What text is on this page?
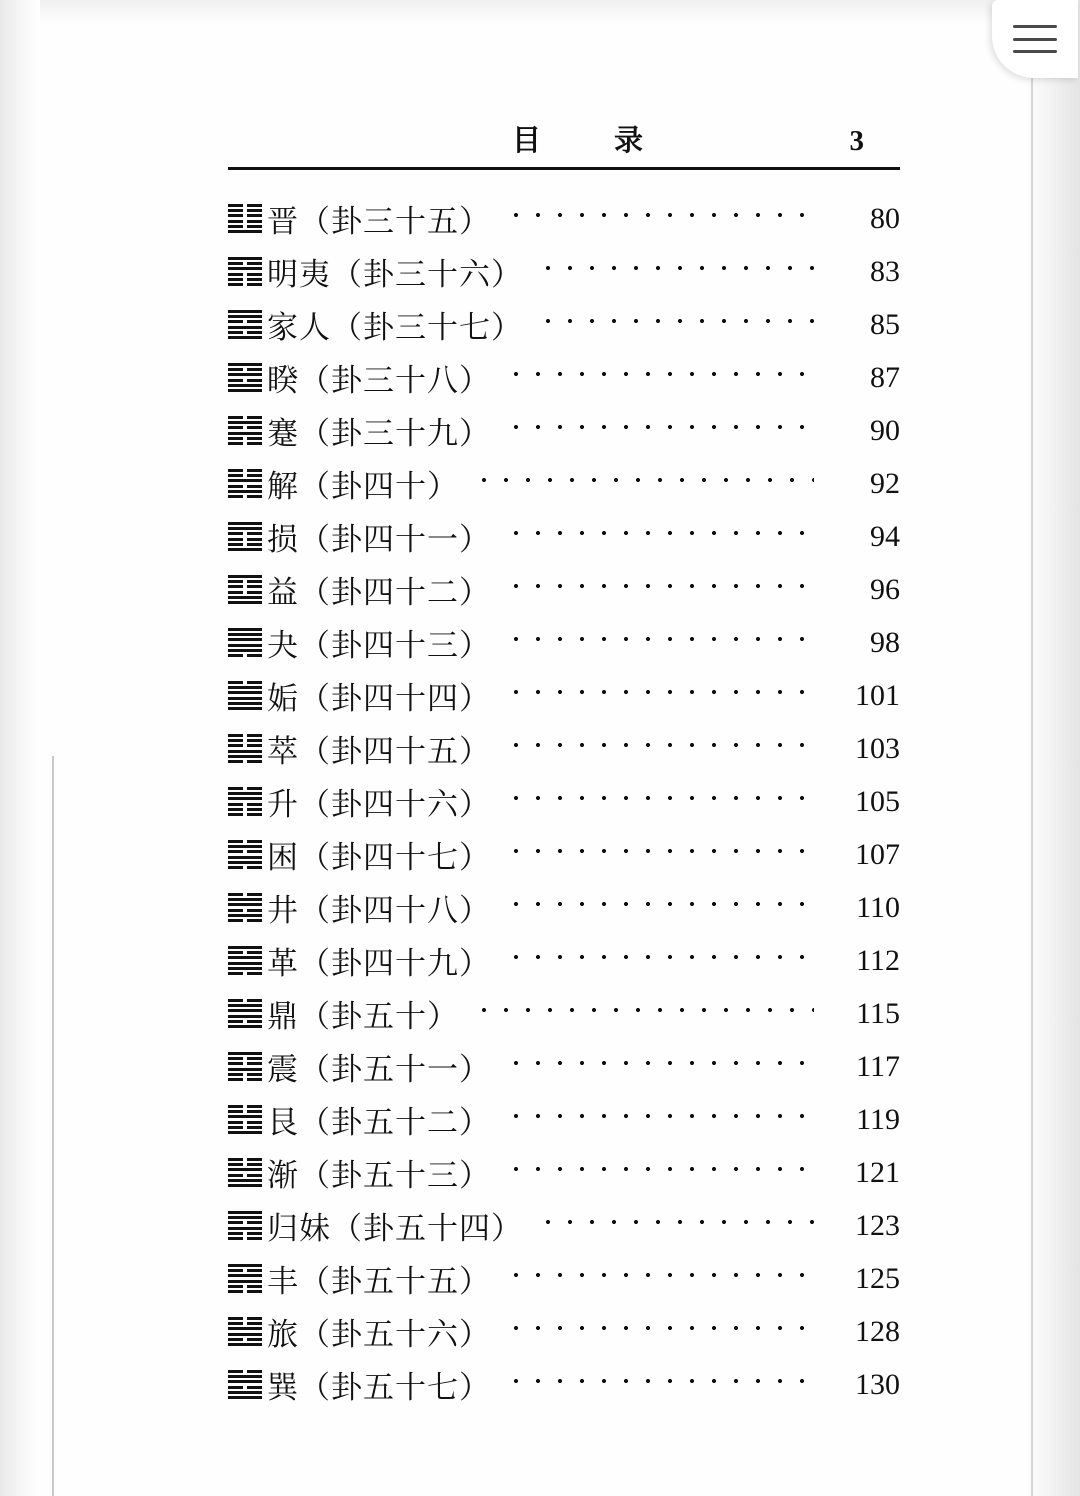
目　录	3
晋（卦三十五）	80
明夷（卦三十六）	83
家人（卦三十七）	85
睽（卦三十八）	87
蹇（卦三十九）	90
解（卦四十）	92
损（卦四十一）	94
益（卦四十二）	96
夬（卦四十三）	98
姤（卦四十四）	101
萃（卦四十五）	103
升（卦四十六）	105
困（卦四十七）	107
井（卦四十八）	110
革（卦四十九）	112
鼎（卦五十）	115
震（卦五十一）	117
艮（卦五十二）	119
渐（卦五十三）	121
归妹（卦五十四）	123
丰（卦五十五）	125
旅（卦五十六）	128
巽（卦五十七）	130
